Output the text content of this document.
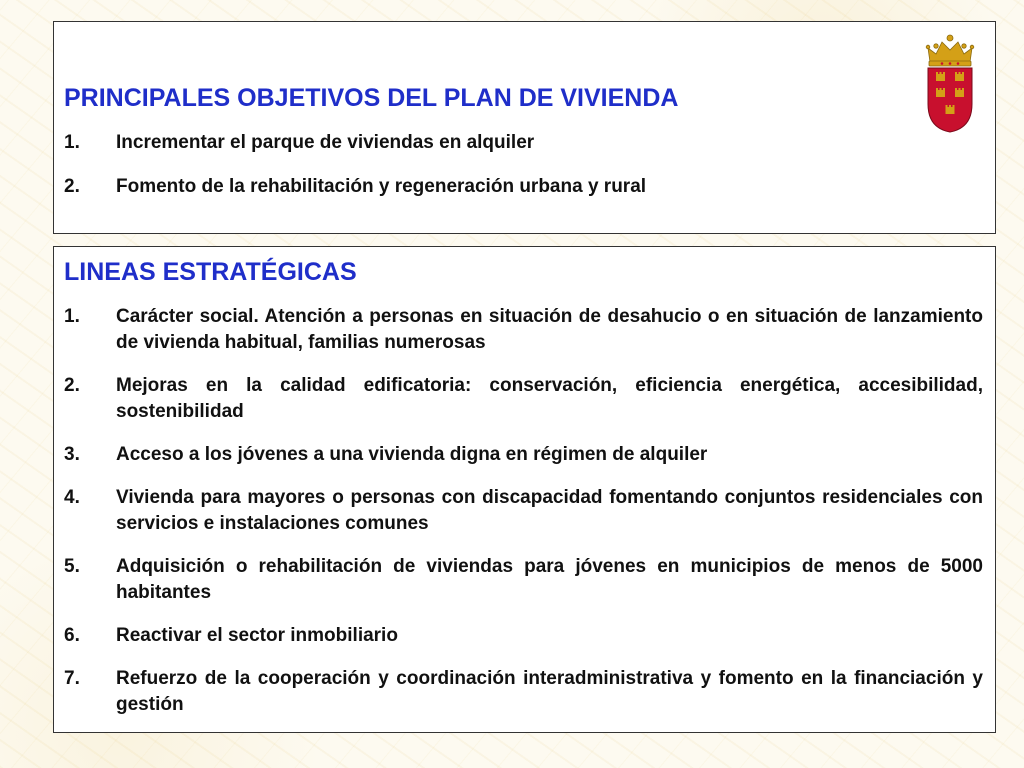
PRINCIPALES OBJETIVOS DEL PLAN DE VIVIENDA
1.	Incrementar el parque de viviendas en alquiler
2.	Fomento de la rehabilitación y regeneración urbana y rural
LINEAS ESTRATÉGICAS
1.	Carácter social. Atención a personas en situación de desahucio o en situación de lanzamiento de vivienda habitual, familias numerosas
2.	Mejoras en la calidad edificatoria: conservación, eficiencia energética, accesibilidad, sostenibilidad
3.	Acceso a los jóvenes a una vivienda digna en régimen de alquiler
4.	Vivienda para mayores o personas con discapacidad fomentando conjuntos residenciales con servicios e instalaciones comunes
5.	Adquisición o rehabilitación de viviendas para jóvenes en municipios de menos de 5000 habitantes
6.	Reactivar el sector inmobiliario
7.	Refuerzo de la cooperación y coordinación interadministrativa y fomento en la financiación y gestión
